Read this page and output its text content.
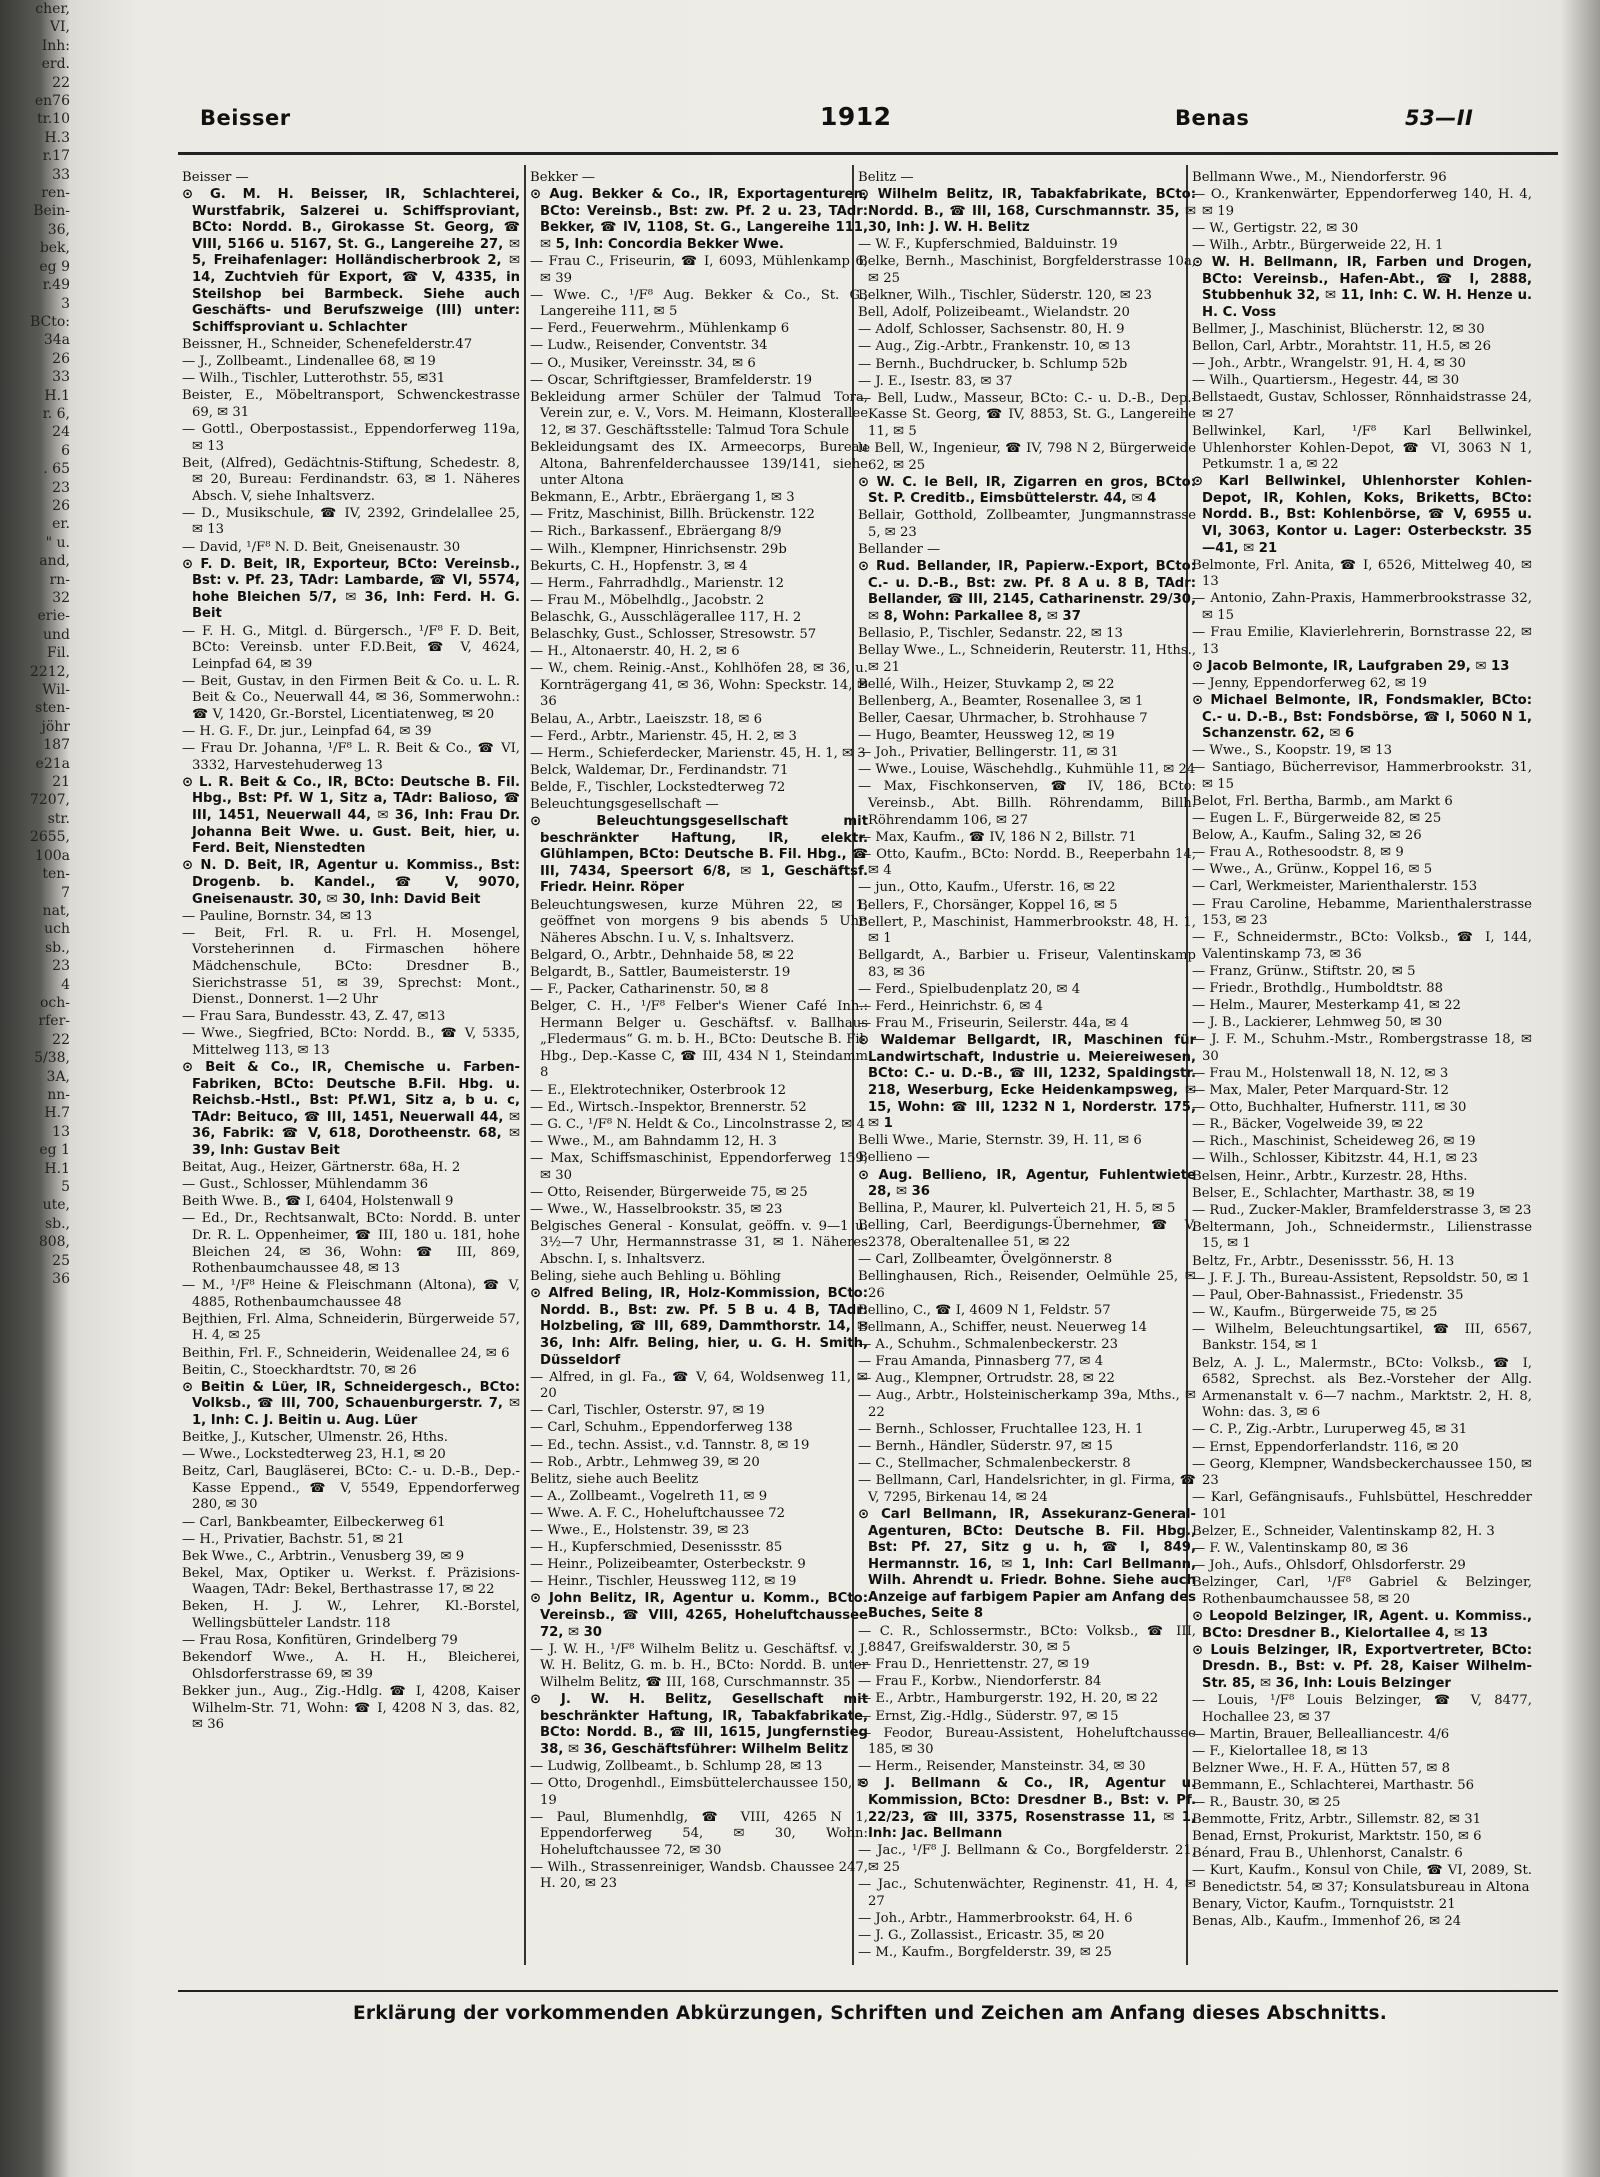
cher,
VI,
Inh:
erd.
22
en76
tr.10
H.3
r.17
33
ren-
Bein-
36,
bek,
eg 9
r.49
3
BCto:
34a
26
33
H.1
r. 6,
24
6
. 65
23
26
er.
" u.
and,
rn-
32
erie-
und
Fil.
2212,
Wil-
sten-
jöhr
187
e21a
21
7207,
str.
2655,
100a
ten-
7
nat,
uch
sb.,
23
4
och-
rfer-
22
5/38,
3A,
nn-
H.7
13
eg 1
H.1
5
ute,
sb.,
808,
25
36
Beisser	1912	Benas	53—II

Beisser —

⊙ G. M. H. Beisser, IR, Schlachterei, Wurstfabrik, Salzerei u. Schiffsproviant, BCto: Nordd. B., Girokasse St. Georg, ☎ VIII, 5166 u. 5167, St. G., Langereihe 27, ✉ 5, Freihafenlager: Holländischerbrook 2, ✉ 14, Zuchtvieh für Export, ☎ V, 4335, in Steilshop bei Barmbeck. Siehe auch Geschäfts- und Berufszweige (III) unter: Schiffsproviant u. Schlachter

Beissner, H., Schneider, Schenefelderstr.47

— J., Zollbeamt., Lindenallee 68, ✉ 19

— Wilh., Tischler, Lutterothstr. 55, ✉31

Beister, E., Möbeltransport, Schwenckestrasse 69, ✉ 31

— Gottl., Oberpostassist., Eppendorferweg 119a, ✉ 13

Beit, (Alfred), Gedächtnis-Stiftung, Schedestr. 8, ✉ 20, Bureau: Ferdinandstr. 63, ✉ 1. Näheres Absch. V, siehe Inhaltsverz.

— D., Musikschule, ☎ IV, 2392, Grindelallee 25, ✉ 13

— David, ¹/F⁸ N. D. Beit, Gneisenaustr. 30

⊙ F. D. Beit, IR, Exporteur, BCto: Vereinsb., Bst: v. Pf. 23, TAdr: Lambarde, ☎ VI, 5574, hohe Bleichen 5/7, ✉ 36, Inh: Ferd. H. G. Beit

— F. H. G., Mitgl. d. Bürgersch., ¹/F⁸ F. D. Beit, BCto: Vereinsb. unter F.D.Beit, ☎ V, 4624, Leinpfad 64, ✉ 39

— Beit, Gustav, in den Firmen Beit & Co. u. L. R. Beit & Co., Neuerwall 44, ✉ 36, Sommerwohn.: ☎ V, 1420, Gr.-Borstel, Licentiatenweg, ✉ 20

— H. G. F., Dr. jur., Leinpfad 64, ✉ 39

— Frau Dr. Johanna, ¹/F⁸ L. R. Beit & Co., ☎ VI, 3332, Harvestehuderweg 13

⊙ L. R. Beit & Co., IR, BCto: Deutsche B. Fil. Hbg., Bst: Pf. W 1, Sitz a, TAdr: Balioso, ☎ III, 1451, Neuerwall 44, ✉ 36, Inh: Frau Dr. Johanna Beit Wwe. u. Gust. Beit, hier, u. Ferd. Beit, Nienstedten

⊙ N. D. Beit, IR, Agentur u. Kommiss., Bst: Drogenb. b. Kandel., ☎ V, 9070, Gneisenaustr. 30, ✉ 30, Inh: David Beit

— Pauline, Bornstr. 34, ✉ 13

— Beit, Frl. R. u. Frl. H. Mosengel, Vorsteherinnen d. Firmaschen höhere Mädchenschule, BCto: Dresdner B., Sierichstrasse 51, ✉ 39, Sprechst: Mont., Dienst., Donnerst. 1—2 Uhr

— Frau Sara, Bundesstr. 43, Z. 47, ✉13

— Wwe., Siegfried, BCto: Nordd. B., ☎ V, 5335, Mittelweg 113, ✉ 13

⊙ Beit & Co., IR, Chemische u. Farben-Fabriken, BCto: Deutsche B.Fil. Hbg. u. Reichsb.-Hstl., Bst: Pf.W1, Sitz a, b u. c, TAdr: Beituco, ☎ III, 1451, Neuerwall 44, ✉ 36, Fabrik: ☎ V, 618, Dorotheenstr. 68, ✉ 39, Inh: Gustav Beit

Beitat, Aug., Heizer, Gärtnerstr. 68a, H. 2

— Gust., Schlosser, Mühlendamm 36

Beith Wwe. B., ☎ I, 6404, Holstenwall 9

— Ed., Dr., Rechtsanwalt, BCto: Nordd. B. unter Dr. R. L. Oppenheimer, ☎ III, 180 u. 181, hohe Bleichen 24, ✉ 36, Wohn: ☎ III, 869, Rothenbaumchaussee 48, ✉ 13

— M., ¹/F⁸ Heine & Fleischmann (Altona), ☎ V, 4885, Rothenbaumchaussee 48

Bejthien, Frl. Alma, Schneiderin, Bürgerweide 57, H. 4, ✉ 25

Beithin, Frl. F., Schneiderin, Weidenallee 24, ✉ 6

Beitin, C., Stoeckhardtstr. 70, ✉ 26

⊙ Beitin & Lüer, IR, Schneidergesch., BCto: Volksb., ☎ III, 700, Schauenburgerstr. 7, ✉ 1, Inh: C. J. Beitin u. Aug. Lüer

Beitke, J., Kutscher, Ulmenstr. 26, Hths.

— Wwe., Lockstedterweg 23, H.1, ✉ 20

Beitz, Carl, Baugläserei, BCto: C.- u. D.-B., Dep.-Kasse Eppend., ☎ V, 5549, Eppendorferweg 280, ✉ 30

— Carl, Bankbeamter, Eilbeckerweg 61

— H., Privatier, Bachstr. 51, ✉ 21

Bek Wwe., C., Arbtrin., Venusberg 39, ✉ 9

Bekel, Max, Optiker u. Werkst. f. Präzisions-Waagen, TAdr: Bekel, Berthastrasse 17, ✉ 22

Beken, H. J. W., Lehrer, Kl.-Borstel, Wellingsbütteler Landstr. 118

— Frau Rosa, Konfitüren, Grindelberg 79

Bekendorf Wwe., A. H. H., Bleicherei, Ohlsdorferstrasse 69, ✉ 39

Bekker jun., Aug., Zig.-Hdlg. ☎ I, 4208, Kaiser Wilhelm-Str. 71, Wohn: ☎ I, 4208 N 3, das. 82, ✉ 36

Bekker —

⊙ Aug. Bekker & Co., IR, Exportagenturen, BCto: Vereinsb., Bst: zw. Pf. 2 u. 23, TAdr: Bekker, ☎ IV, 1108, St. G., Langereihe 111, ✉ 5, Inh: Concordia Bekker Wwe.

— Frau C., Friseurin, ☎ I, 6093, Mühlenkamp 6, ✉ 39

— Wwe. C., ¹/F⁸ Aug. Bekker & Co., St. G., Langereihe 111, ✉ 5

— Ferd., Feuerwehrm., Mühlenkamp 6

— Ludw., Reisender, Conventstr. 34

— O., Musiker, Vereinsstr. 34, ✉ 6

— Oscar, Schriftgiesser, Bramfelderstr. 19

Bekleidung armer Schüler der Talmud Tora, Verein zur, e. V., Vors. M. Heimann, Klosterallee 12, ✉ 37. Geschäftsstelle: Talmud Tora Schule

Bekleidungsamt des IX. Armeecorps, Bureau Altona, Bahrenfelderchaussee 139/141, siehe unter Altona

Bekmann, E., Arbtr., Ebräergang 1, ✉ 3

— Fritz, Maschinist, Billh. Brückenstr. 122

— Rich., Barkassenf., Ebräergang 8/9

— Wilh., Klempner, Hinrichsenstr. 29b

Bekurts, C. H., Hopfenstr. 3, ✉ 4

— Herm., Fahrradhdlg., Marienstr. 12

— Frau M., Möbelhdlg., Jacobstr. 2

Belaschk, G., Ausschlägerallee 117, H. 2

Belaschky, Gust., Schlosser, Stresowstr. 57

— H., Altonaerstr. 40, H. 2, ✉ 6

— W., chem. Reinig.-Anst., Kohlhöfen 28, ✉ 36, u. Kornträgergang 41, ✉ 36, Wohn: Speckstr. 14, ✉ 36

Belau, A., Arbtr., Laeiszstr. 18, ✉ 6

— Ferd., Arbtr., Marienstr. 45, H. 2, ✉ 3

— Herm., Schieferdecker, Marienstr. 45, H. 1, ✉ 3

Belck, Waldemar, Dr., Ferdinandstr. 71

Belde, F., Tischler, Lockstedterweg 72

Beleuchtungsgesellschaft —

⊙ Beleuchtungsgesellschaft mit beschränkter Haftung, IR, elektr. Glühlampen, BCto: Deutsche B. Fil. Hbg., ☎ III, 7434, Speersort 6/8, ✉ 1, Geschäftsf. Friedr. Heinr. Röper

Beleuchtungswesen, kurze Mühren 22, ✉ 1, geöffnet von morgens 9 bis abends 5 Uhr. Näheres Abschn. I u. V, s. Inhaltsverz.

Belgard, O., Arbtr., Dehnhaide 58, ✉ 22

Belgardt, B., Sattler, Baumeisterstr. 19

— F., Packer, Catharinenstr. 50, ✉ 8

Belger, C. H., ¹/F⁸ Felber's Wiener Café Inh.: Hermann Belger u. Geschäftsf. v. Ballhaus „Fledermaus“ G. m. b. H., BCto: Deutsche B. Fil. Hbg., Dep.-Kasse C, ☎ III, 434 N 1, Steindamm 8

— E., Elektrotechniker, Osterbrook 12

— Ed., Wirtsch.-Inspektor, Brennerstr. 52

— G. C., ¹/F⁸ N. Heldt & Co., Lincolnstrasse 2, ✉ 4

— Wwe., M., am Bahndamm 12, H. 3

— Max, Schiffsmaschinist, Eppendorferweg 159, ✉ 30

— Otto, Reisender, Bürgerweide 75, ✉ 25

— Wwe., W., Hasselbrookstr. 35, ✉ 23

Belgisches General - Konsulat, geöffn. v. 9—1 u. 3½—7 Uhr, Hermannstrasse 31, ✉ 1. Näheres Abschn. I, s. Inhaltsverz.

Beling, siehe auch Behling u. Böhling

⊙ Alfred Beling, IR, Holz-Kommission, BCto: Nordd. B., Bst: zw. Pf. 5 B u. 4 B, TAdr: Holzbeling, ☎ III, 689, Dammthorstr. 14, ✉ 36, Inh: Alfr. Beling, hier, u. G. H. Smith, Düsseldorf

— Alfred, in gl. Fa., ☎ V, 64, Woldsenweg 11, ✉ 20

— Carl, Tischler, Osterstr. 97, ✉ 19

— Carl, Schuhm., Eppendorferweg 138

— Ed., techn. Assist., v.d. Tannstr. 8, ✉ 19

— Rob., Arbtr., Lehmweg 39, ✉ 20

Belitz, siehe auch Beelitz

— A., Zollbeamt., Vogelreth 11, ✉ 9

— Wwe. A. F. C., Hoheluftchaussee 72

— Wwe., E., Holstenstr. 39, ✉ 23

— H., Kupferschmied, Desenissstr. 85

— Heinr., Polizeibeamter, Osterbeckstr. 9

— Heinr., Tischler, Heussweg 112, ✉ 19

⊙ John Belitz, IR, Agentur u. Komm., BCto: Vereinsb., ☎ VIII, 4265, Hoheluftchaussee 72, ✉ 30

— J. W. H., ¹/F⁸ Wilhelm Belitz u. Geschäftsf. v. J. W. H. Belitz, G. m. b. H., BCto: Nordd. B. unter Wilhelm Belitz, ☎ III, 168, Curschmannstr. 35

⊙ J. W. H. Belitz, Gesellschaft mit beschränkter Haftung, IR, Tabakfabrikate, BCto: Nordd. B., ☎ III, 1615, Jungfernstieg 38, ✉ 36, Geschäftsführer: Wilhelm Belitz

— Ludwig, Zollbeamt., b. Schlump 28, ✉ 13

— Otto, Drogenhdl., Eimsbüttelerchaussee 150, ✉ 19

— Paul, Blumenhdlg, ☎ VIII, 4265 N 1, Eppendorferweg 54, ✉ 30, Wohn: Hoheluftchaussee 72, ✉ 30

— Wilh., Strassenreiniger, Wandsb. Chaussee 247, H. 20, ✉ 23

Belitz —

⊙ Wilhelm Belitz, IR, Tabakfabrikate, BCto: Nordd. B., ☎ III, 168, Curschmannstr. 35, ✉ 30, Inh: J. W. H. Belitz

— W. F., Kupferschmied, Balduinstr. 19

Belke, Bernh., Maschinist, Borgfelderstrasse 10a, ✉ 25

Belkner, Wilh., Tischler, Süderstr. 120, ✉ 23

Bell, Adolf, Polizeibeamt., Wielandstr. 20

— Adolf, Schlosser, Sachsenstr. 80, H. 9

— Aug., Zig.-Arbtr., Frankenstr. 10, ✉ 13

— Bernh., Buchdrucker, b. Schlump 52b

— J. E., Isestr. 83, ✉ 37

— Bell, Ludw., Masseur, BCto: C.- u. D.-B., Dep.-Kasse St. Georg, ☎ IV, 8853, St. G., Langereihe 11, ✉ 5

le Bell, W., Ingenieur, ☎ IV, 798 N 2, Bürgerweide 62, ✉ 25

⊙ W. C. le Bell, IR, Zigarren en gros, BCto: St. P. Creditb., Eimsbüttelerstr. 44, ✉ 4

Bellair, Gotthold, Zollbeamter, Jungmannstrasse 5, ✉ 23

Bellander —

⊙ Rud. Bellander, IR, Papierw.-Export, BCto: C.- u. D.-B., Bst: zw. Pf. 8 A u. 8 B, TAdr: Bellander, ☎ III, 2145, Catharinenstr. 29/30, ✉ 8, Wohn: Parkallee 8, ✉ 37

Bellasio, P., Tischler, Sedanstr. 22, ✉ 13

Bellay Wwe., L., Schneiderin, Reuterstr. 11, Hths., ✉ 21

Bellé, Wilh., Heizer, Stuvkamp 2, ✉ 22

Bellenberg, A., Beamter, Rosenallee 3, ✉ 1

Beller, Caesar, Uhrmacher, b. Strohhause 7

— Hugo, Beamter, Heussweg 12, ✉ 19

— Joh., Privatier, Bellingerstr. 11, ✉ 31

— Wwe., Louise, Wäschehdlg., Kuhmühle 11, ✉ 24

— Max, Fischkonserven, ☎ IV, 186, BCto: Vereinsb., Abt. Billh. Röhrendamm, Billh. Röhrendamm 106, ✉ 27

— Max, Kaufm., ☎ IV, 186 N 2, Billstr. 71

— Otto, Kaufm., BCto: Nordd. B., Reeperbahn 14, ✉ 4

— jun., Otto, Kaufm., Uferstr. 16, ✉ 22

Bellers, F., Chorsänger, Koppel 16, ✉ 5

Bellert, P., Maschinist, Hammerbrookstr. 48, H. 1, ✉ 1

Bellgardt, A., Barbier u. Friseur, Valentinskamp 83, ✉ 36

— Ferd., Spielbudenplatz 20, ✉ 4

— Ferd., Heinrichstr. 6, ✉ 4

— Frau M., Friseurin, Seilerstr. 44a, ✉ 4

⊙ Waldemar Bellgardt, IR, Maschinen für Landwirtschaft, Industrie u. Meiereiwesen, BCto: C.- u. D.-B., ☎ III, 1232, Spaldingstr. 218, Weserburg, Ecke Heidenkampsweg, ✉ 15, Wohn: ☎ III, 1232 N 1, Norderstr. 175, ✉ 1

Belli Wwe., Marie, Sternstr. 39, H. 11, ✉ 6

Bellieno —

⊙ Aug. Bellieno, IR, Agentur, Fuhlentwiete 28, ✉ 36

Bellina, P., Maurer, kl. Pulverteich 21, H. 5, ✉ 5

Belling, Carl, Beerdigungs-Übernehmer, ☎ V, 2378, Oberaltenallee 51, ✉ 22

— Carl, Zollbeamter, Övelgönnerstr. 8

Bellinghausen, Rich., Reisender, Oelmühle 25, ✉ 26

Bellino, C., ☎ I, 4609 N 1, Feldstr. 57

Bellmann, A., Schiffer, neust. Neuerweg 14

— A., Schuhm., Schmalenbeckerstr. 23

— Frau Amanda, Pinnasberg 77, ✉ 4

— Aug., Klempner, Ortrudstr. 28, ✉ 22

— Aug., Arbtr., Holsteinischerkamp 39a, Mths., ✉ 22

— Bernh., Schlosser, Fruchtallee 123, H. 1

— Bernh., Händler, Süderstr. 97, ✉ 15

— C., Stellmacher, Schmalenbeckerstr. 8

— Bellmann, Carl, Handelsrichter, in gl. Firma, ☎ V, 7295, Birkenau 14, ✉ 24

⊙ Carl Bellmann, IR, Assekuranz-General-Agenturen, BCto: Deutsche B. Fil. Hbg., Bst: Pf. 27, Sitz g u. h, ☎ I, 849, Hermannstr. 16, ✉ 1, Inh: Carl Bellmann, Wilh. Ahrendt u. Friedr. Bohne. Siehe auch Anzeige auf farbigem Papier am Anfang des Buches, Seite 8

— C. R., Schlossermstr., BCto: Volksb., ☎ III, 8847, Greifswalderstr. 30, ✉ 5

— Frau D., Henriettenstr. 27, ✉ 19

— Frau F., Korbw., Niendorferstr. 84

— E., Arbtr., Hamburgerstr. 192, H. 20, ✉ 22

— Ernst, Zig.-Hdlg., Süderstr. 97, ✉ 15

— Feodor, Bureau-Assistent, Hoheluftchaussee 185, ✉ 30

— Herm., Reisender, Mansteinstr. 34, ✉ 30

⊙ J. Bellmann & Co., IR, Agentur u. Kommission, BCto: Dresdner B., Bst: v. Pf. 22/23, ☎ III, 3375, Rosenstrasse 11, ✉ 1, Inh: Jac. Bellmann

— Jac., ¹/F⁸ J. Bellmann & Co., Borgfelderstr. 21, ✉ 25

— Jac., Schutenwächter, Reginenstr. 41, H. 4, ✉ 27

— Joh., Arbtr., Hammerbrookstr. 64, H. 6

— J. G., Zollassist., Ericastr. 35, ✉ 20

— M., Kaufm., Borgfelderstr. 39, ✉ 25

Bellmann Wwe., M., Niendorferstr. 96

— O., Krankenwärter, Eppendorferweg 140, H. 4, ✉ 19

— W., Gertigstr. 22, ✉ 30

— Wilh., Arbtr., Bürgerweide 22, H. 1

⊙ W. H. Bellmann, IR, Farben und Drogen, BCto: Vereinsb., Hafen-Abt., ☎ I, 2888, Stubbenhuk 32, ✉ 11, Inh: C. W. H. Henze u. H. C. Voss

Bellmer, J., Maschinist, Blücherstr. 12, ✉ 30

Bellon, Carl, Arbtr., Morahtstr. 11, H.5, ✉ 26

— Joh., Arbtr., Wrangelstr. 91, H. 4, ✉ 30

— Wilh., Quartiersm., Hegestr. 44, ✉ 30

Bellstaedt, Gustav, Schlosser, Rönnhaidstrasse 24, ✉ 27

Bellwinkel, Karl, ¹/F⁸ Karl Bellwinkel, Uhlenhorster Kohlen-Depot, ☎ VI, 3063 N 1, Petkumstr. 1 a, ✉ 22

⊙ Karl Bellwinkel, Uhlenhorster Kohlen-Depot, IR, Kohlen, Koks, Briketts, BCto: Nordd. B., Bst: Kohlenbörse, ☎ V, 6955 u. VI, 3063, Kontor u. Lager: Osterbeckstr. 35—41, ✉ 21

Belmonte, Frl. Anita, ☎ I, 6526, Mittelweg 40, ✉ 13

— Antonio, Zahn-Praxis, Hammerbrookstrasse 32, ✉ 15

— Frau Emilie, Klavierlehrerin, Bornstrasse 22, ✉ 13

⊙ Jacob Belmonte, IR, Laufgraben 29, ✉ 13

— Jenny, Eppendorferweg 62, ✉ 19

⊙ Michael Belmonte, IR, Fondsmakler, BCto: C.- u. D.-B., Bst: Fondsbörse, ☎ I, 5060 N 1, Schanzenstr. 62, ✉ 6

— Wwe., S., Koopstr. 19, ✉ 13

— Santiago, Bücherrevisor, Hammerbrookstr. 31, ✉ 15

Belot, Frl. Bertha, Barmb., am Markt 6

— Eugen L. F., Bürgerweide 82, ✉ 25

Below, A., Kaufm., Saling 32, ✉ 26

— Frau A., Rothesoodstr. 8, ✉ 9

— Wwe., A., Grünw., Koppel 16, ✉ 5

— Carl, Werkmeister, Marienthalerstr. 153

— Frau Caroline, Hebamme, Marienthalerstrasse 153, ✉ 23

— F., Schneidermstr., BCto: Volksb., ☎ I, 144, Valentinskamp 73, ✉ 36

— Franz, Grünw., Stiftstr. 20, ✉ 5

— Friedr., Brothdlg., Humboldtstr. 88

— Helm., Maurer, Mesterkamp 41, ✉ 22

— J. B., Lackierer, Lehmweg 50, ✉ 30

— J. F. M., Schuhm.-Mstr., Rombergstrasse 18, ✉ 30

— Frau M., Holstenwall 18, N. 12, ✉ 3

— Max, Maler, Peter Marquard-Str. 12

— Otto, Buchhalter, Hufnerstr. 111, ✉ 30

— R., Bäcker, Vogelweide 39, ✉ 22

— Rich., Maschinist, Scheideweg 26, ✉ 19

— Wilh., Schlosser, Kibitzstr. 44, H.1, ✉ 23

Belsen, Heinr., Arbtr., Kurzestr. 28, Hths.

Belser, E., Schlachter, Marthastr. 38, ✉ 19

— Rud., Zucker-Makler, Bramfelderstrasse 3, ✉ 23

Beltermann, Joh., Schneidermstr., Lilienstrasse 15, ✉ 1

Beltz, Fr., Arbtr., Desenissstr. 56, H. 13

— J. F. J. Th., Bureau-Assistent, Repsoldstr. 50, ✉ 1

— Paul, Ober-Bahnassist., Friedenstr. 35

— W., Kaufm., Bürgerweide 75, ✉ 25

— Wilhelm, Beleuchtungsartikel, ☎ III, 6567, Bankstr. 154, ✉ 1

Belz, A. J. L., Malermstr., BCto: Volksb., ☎ I, 6582, Sprechst. als Bez.-Vorsteher der Allg. Armenanstalt v. 6—7 nachm., Marktstr. 2, H. 8, Wohn: das. 3, ✉ 6

— C. P., Zig.-Arbtr., Luruperweg 45, ✉ 31

— Ernst, Eppendorferlandstr. 116, ✉ 20

— Georg, Klempner, Wandsbeckerchaussee 150, ✉ 23

— Karl, Gefängnisaufs., Fuhlsbüttel, Heschredder 101

Belzer, E., Schneider, Valentinskamp 82, H. 3

— F. W., Valentinskamp 80, ✉ 36

— Joh., Aufs., Ohlsdorf, Ohlsdorferstr. 29

Belzinger, Carl, ¹/F⁸ Gabriel & Belzinger, Rothenbaumchaussee 58, ✉ 20

⊙ Leopold Belzinger, IR, Agent. u. Kommiss., BCto: Dresdner B., Kielortallee 4, ✉ 13

⊙ Louis Belzinger, IR, Exportvertreter, BCto: Dresdn. B., Bst: v. Pf. 28, Kaiser Wilhelm-Str. 85, ✉ 36, Inh: Louis Belzinger

— Louis, ¹/F⁸ Louis Belzinger, ☎ V, 8477, Hochallee 23, ✉ 37

— Martin, Brauer, Bellealliancestr. 4/6

— F., Kielortallee 18, ✉ 13

Belzner Wwe., H. F. A., Hütten 57, ✉ 8

Bemmann, E., Schlachterei, Marthastr. 56

— R., Baustr. 30, ✉ 25

Bemmotte, Fritz, Arbtr., Sillemstr. 82, ✉ 31

Benad, Ernst, Prokurist, Marktstr. 150, ✉ 6

Bénard, Frau B., Uhlenhorst, Canalstr. 6

— Kurt, Kaufm., Konsul von Chile, ☎ VI, 2089, St. Benedictstr. 54, ✉ 37; Konsulatsbureau in Altona

Benary, Victor, Kaufm., Tornquiststr. 21

Benas, Alb., Kaufm., Immenhof 26, ✉ 24

Erklärung der vorkommenden Abkürzungen, Schriften und Zeichen am Anfang dieses Abschnitts.
